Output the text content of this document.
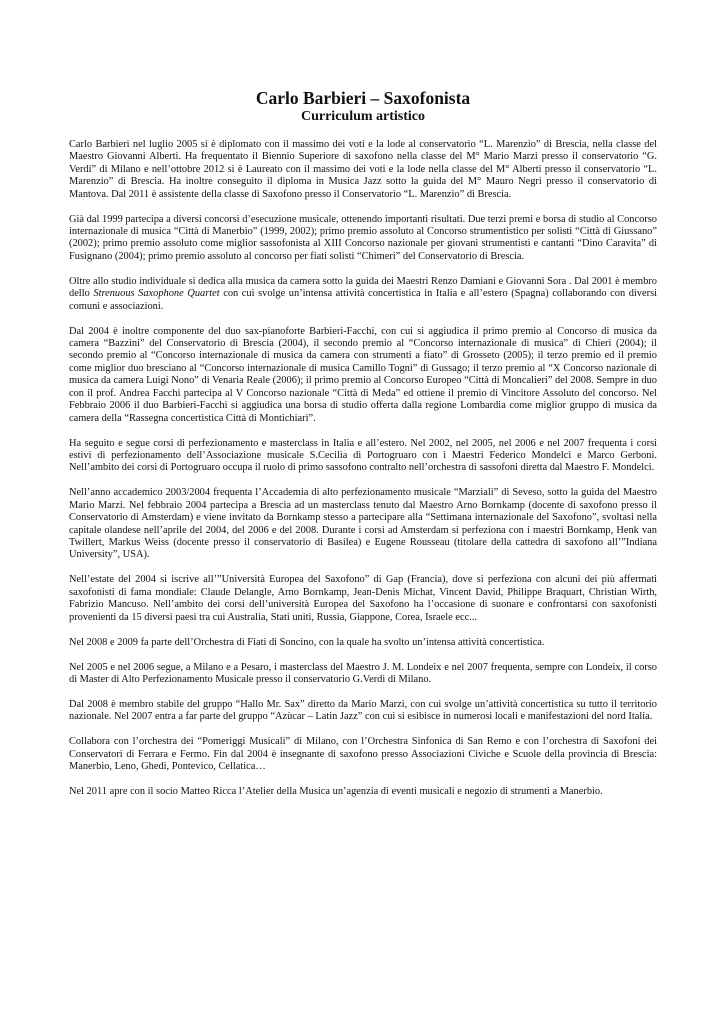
Carlo Barbieri – Saxofonista
Curriculum artistico

Carlo Barbieri nel luglio 2005 si è diplomato con il massimo dei voti e la lode al conservatorio “L. Marenzio” di Brescia, nella classe del Maestro Giovanni Alberti. Ha frequentato il Biennio Superiore di saxofono nella classe del M° Mario Marzi presso il conservatorio “G. Verdi” di Milano e nell’ottobre 2012 si è Laureato con il massimo dei voti e la lode nella classe del M° Alberti presso il conservatorio “L. Marenzio” di Brescia. Ha inoltre conseguito il diploma in Musica Jazz sotto la guida del M° Mauro Negri presso il conservatorio di Mantova. Dal 2011 è assistente della classe di Saxofono presso il Conservatorio “L. Marenzio” di Brescia.

Già dal 1999 partecipa a diversi concorsi d’esecuzione musicale, ottenendo importanti risultati. Due terzi premi e borsa di studio al Concorso internazionale di musica “Città di Manerbio” (1999, 2002); primo premio assoluto al Concorso strumentistico per solisti “Città di Giussano” (2002); primo premio assoluto come miglior sassofonista al XIII Concorso nazionale per giovani strumentisti e cantanti “Dino Caravita” di Fusignano (2004); primo premio assoluto al concorso per fiati solisti “Chimeri” del Conservatorio di Brescia.

Oltre allo studio individuale si dedica alla musica da camera sotto la guida dei Maestri Renzo Damiani e Giovanni Sora . Dal 2001 è membro dello Strenuous Saxophone Quartet con cui svolge un’intensa attività concertistica in Italia e all’estero (Spagna) collaborando con diversi comuni e associazioni.

Dal 2004 è inoltre componente del duo sax-pianoforte Barbieri-Facchi, con cui si aggiudica il primo premio al Concorso di musica da camera “Bazzini” del Conservatorio di Brescia (2004), il secondo premio al “Concorso internazionale di musica” di Chieri (2004); il secondo premio al “Concorso internazionale di musica da camera con strumenti a fiato” di Grosseto (2005); il terzo premio ed il premio come miglior duo bresciano al “Concorso internazionale di musica Camillo Togni” di Gussago; il terzo premio al “X Concorso nazionale di musica da camera Luigi Nono” di Venaria Reale (2006); il primo premio al Concorso Europeo “Città di Moncalieri” del 2008. Sempre in duo con il prof. Andrea Facchi partecipa al V Concorso nazionale “Città di Meda” ed ottiene il premio di Vincitore Assoluto del concorso. Nel Febbraio 2006 il duo Barbieri-Facchi si aggiudica una borsa di studio offerta dalla regione Lombardia come miglior gruppo di musica da camera della “Rassegna concertistica Città di Montichiari”.

Ha seguito e segue corsi di perfezionamento e masterclass in Italia e all’estero. Nel 2002, nel 2005, nel 2006 e nel 2007 frequenta i corsi estivi di perfezionamento dell’Associazione musicale S.Cecilia di Portogruaro con i Maestri Federico Mondelci e Marco Gerboni. Nell’ambito dei corsi di Portogruaro occupa il ruolo di primo sassofono contralto nell’orchestra di sassofoni diretta dal Maestro F. Mondelci.

Nell’anno accademico 2003/2004 frequenta l’Accademia di alto perfezionamento musicale “Marziali” di Seveso, sotto la guida del Maestro Mario Marzi. Nel febbraio 2004 partecipa a Brescia ad un masterclass tenuto dal Maestro Arno Bornkamp (docente di saxofono presso il Conservatorio di Amsterdam) e viene invitato da Bornkamp stesso a partecipare alla “Settimana internazionale del Saxofono”, svoltasi nella capitale olandese nell’aprile del 2004, del 2006 e del 2008. Durante i corsi ad Amsterdam si perfeziona con i maestri Bornkamp, Henk van Twillert, Markus Weiss (docente presso il conservatorio di Basilea) e Eugene Rousseau (titolare della cattedra di saxofono all’”Indiana University”, USA).

Nell’estate del 2004 si iscrive all’”Università Europea del Saxofono” di Gap (Francia), dove si perfeziona con alcuni dei più affermati saxofonisti di fama mondiale: Claude Delangle, Arno Bornkamp, Jean-Denis Michat, Vincent David, Philippe Braquart, Christian Wirth, Fabrizio Mancuso. Nell’ambito dei corsi dell’università Europea del Saxofono ha l’occasione di suonare e confrontarsi con saxofonisti provenienti da 15 diversi paesi tra cui Australia, Stati uniti, Russia, Giappone, Corea, Israele ecc...

Nel 2008 e 2009 fa parte dell’Orchestra di Fiati di Soncino, con la quale ha svolto un’intensa attività concertistica.

Nel 2005 e nel 2006 segue, a Milano e a Pesaro, i masterclass del Maestro J. M. Londeix e nel 2007 frequenta, sempre con Londeix, il corso di Master di Alto Perfezionamento Musicale presso il conservatorio G.Verdi di Milano.

Dal 2008 è membro stabile del gruppo “Hallo Mr. Sax” diretto da Mario Marzi, con cui svolge un’attività concertistica su tutto il territorio nazionale. Nel 2007 entra a far parte del gruppo “Azùcar – Latin Jazz” con cui si esibisce in numerosi locali e manifestazioni del nord Italia.

Collabora con l’orchestra dei “Pomeriggi Musicali” di Milano, con l’Orchestra Sinfonica di San Remo e con l’orchestra di Saxofoni dei Conservatori di Ferrara e Fermo. Fin dal 2004 è insegnante di saxofono presso Associazioni Civiche e Scuole della provincia di Brescia: Manerbio, Leno, Ghedi, Pontevico, Cellatica…

Nel 2011 apre con il socio Matteo Ricca l’Atelier della Musica un’agenzia di eventi musicali e negozio di strumenti a Manerbio.
